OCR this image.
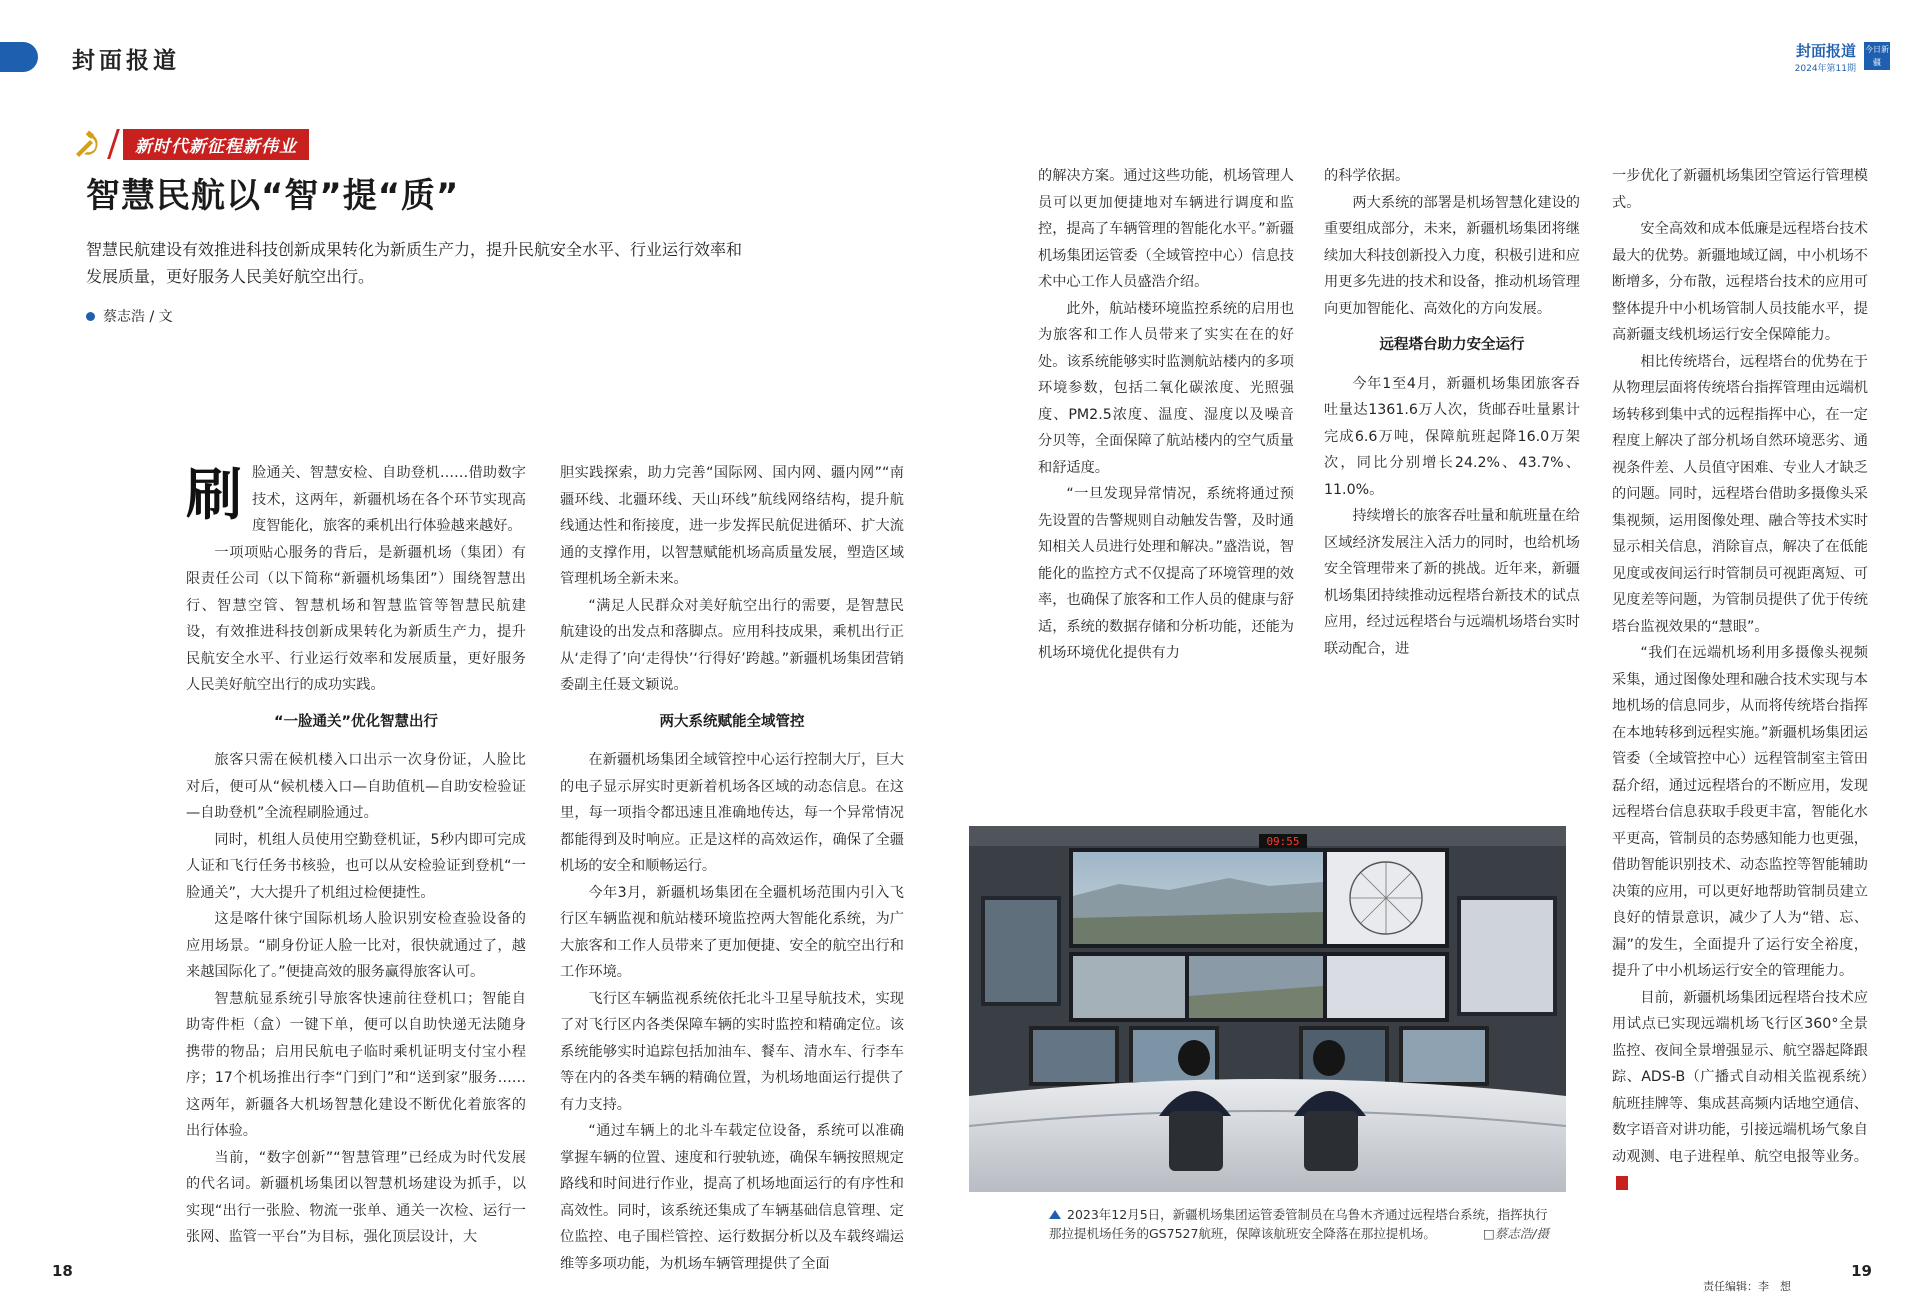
封面报道	封面报道
2024年第11期
今日新疆
新时代新征程新伟业
智慧民航以“智”提“质”
智慧民航建设有效推进科技创新成果转化为新质生产力，提升民航安全水平、行业运行效率和发展质量，更好服务人民美好航空出行。
蔡志浩 / 文

刷脸通关、智慧安检、自助登机……借助数字技术，这两年，新疆机场在各个环节实现高度智能化，旅客的乘机出行体验越来越好。

一项项贴心服务的背后，是新疆机场（集团）有限责任公司（以下简称“新疆机场集团”）围绕智慧出行、智慧空管、智慧机场和智慧监管等智慧民航建设，有效推进科技创新成果转化为新质生产力，提升民航安全水平、行业运行效率和发展质量，更好服务人民美好航空出行的成功实践。

“一脸通关”优化智慧出行

旅客只需在候机楼入口出示一次身份证，人脸比对后，便可从“候机楼入口—自助值机—自助安检验证—自助登机”全流程刷脸通过。

同时，机组人员使用空勤登机证，5秒内即可完成人证和飞行任务书核验，也可以从安检验证到登机“一脸通关”，大大提升了机组过检便捷性。

这是喀什徕宁国际机场人脸识别安检查验设备的应用场景。“刷身份证人脸一比对，很快就通过了，越来越国际化了。”便捷高效的服务赢得旅客认可。

智慧航显系统引导旅客快速前往登机口；智能自助寄件柜（盒）一键下单，便可以自助快递无法随身携带的物品；启用民航电子临时乘机证明支付宝小程序；17个机场推出行李“门到门”和“送到家”服务……这两年，新疆各大机场智慧化建设不断优化着旅客的出行体验。

当前，“数字创新”“智慧管理”已经成为时代发展的代名词。新疆机场集团以智慧机场建设为抓手，以实现“出行一张脸、物流一张单、通关一次检、运行一张网、监管一平台”为目标，强化顶层设计，大

胆实践探索，助力完善“国际网、国内网、疆内网”“南疆环线、北疆环线、天山环线”航线网络结构，提升航线通达性和衔接度，进一步发挥民航促进循环、扩大流通的支撑作用，以智慧赋能机场高质量发展，塑造区域管理机场全新未来。

“满足人民群众对美好航空出行的需要，是智慧民航建设的出发点和落脚点。应用科技成果，乘机出行正从‘走得了’向‘走得快’‘行得好’跨越。”新疆机场集团营销委副主任聂文颖说。

两大系统赋能全域管控

在新疆机场集团全域管控中心运行控制大厅，巨大的电子显示屏实时更新着机场各区域的动态信息。在这里，每一项指令都迅速且准确地传达，每一个异常情况都能得到及时响应。正是这样的高效运作，确保了全疆机场的安全和顺畅运行。

今年3月，新疆机场集团在全疆机场范围内引入飞行区车辆监视和航站楼环境监控两大智能化系统，为广大旅客和工作人员带来了更加便捷、安全的航空出行和工作环境。

飞行区车辆监视系统依托北斗卫星导航技术，实现了对飞行区内各类保障车辆的实时监控和精确定位。该系统能够实时追踪包括加油车、餐车、清水车、行李车等在内的各类车辆的精确位置，为机场地面运行提供了有力支持。

“通过车辆上的北斗车载定位设备，系统可以准确掌握车辆的位置、速度和行驶轨迹，确保车辆按照规定路线和时间进行作业，提高了机场地面运行的有序性和高效性。同时，该系统还集成了车辆基础信息管理、定位监控、电子围栏管控、运行数据分析以及车载终端运维等多项功能，为机场车辆管理提供了全面

的解决方案。通过这些功能，机场管理人员可以更加便捷地对车辆进行调度和监控，提高了车辆管理的智能化水平。”新疆机场集团运管委（全域管控中心）信息技术中心工作人员盛浩介绍。

此外，航站楼环境监控系统的启用也为旅客和工作人员带来了实实在在的好处。该系统能够实时监测航站楼内的多项环境参数，包括二氧化碳浓度、光照强度、PM2.5浓度、温度、湿度以及噪音分贝等，全面保障了航站楼内的空气质量和舒适度。

“一旦发现异常情况，系统将通过预先设置的告警规则自动触发告警，及时通知相关人员进行处理和解决。”盛浩说，智能化的监控方式不仅提高了环境管理的效率，也确保了旅客和工作人员的健康与舒适，系统的数据存储和分析功能，还能为机场环境优化提供有力

的科学依据。

两大系统的部署是机场智慧化建设的重要组成部分，未来，新疆机场集团将继续加大科技创新投入力度，积极引进和应用更多先进的技术和设备，推动机场管理向更加智能化、高效化的方向发展。

远程塔台助力安全运行

今年1至4月，新疆机场集团旅客吞吐量达1361.6万人次，货邮吞吐量累计完成6.6万吨，保障航班起降16.0万架次，同比分别增长24.2%、43.7%、11.0%。

持续增长的旅客吞吐量和航班量在给区域经济发展注入活力的同时，也给机场安全管理带来了新的挑战。近年来，新疆机场集团持续推动远程塔台新技术的试点应用，经过远程塔台与远端机场塔台实时联动配合，进

一步优化了新疆机场集团空管运行管理模式。

安全高效和成本低廉是远程塔台技术最大的优势。新疆地域辽阔，中小机场不断增多，分布散，远程塔台技术的应用可整体提升中小机场管制人员技能水平，提高新疆支线机场运行安全保障能力。

相比传统塔台，远程塔台的优势在于从物理层面将传统塔台指挥管理由远端机场转移到集中式的远程指挥中心，在一定程度上解决了部分机场自然环境恶劣、通视条件差、人员值守困难、专业人才缺乏的问题。同时，远程塔台借助多摄像头采集视频，运用图像处理、融合等技术实时显示相关信息，消除盲点，解决了在低能见度或夜间运行时管制员可视距离短、可见度差等问题，为管制员提供了优于传统塔台监视效果的“慧眼”。

“我们在远端机场利用多摄像头视频采集，通过图像处理和融合技术实现与本地机场的信息同步，从而将传统塔台指挥在本地转移到远程实施。”新疆机场集团运管委（全域管控中心）远程管制室主管田磊介绍，通过远程塔台的不断应用，发现远程塔台信息获取手段更丰富，智能化水平更高，管制员的态势感知能力也更强，借助智能识别技术、动态监控等智能辅助决策的应用，可以更好地帮助管制员建立良好的情景意识，减少了人为“错、忘、漏”的发生，全面提升了运行安全裕度，提升了中小机场运行安全的管理能力。

目前，新疆机场集团远程塔台技术应用试点已实现远端机场飞行区360°全景监控、夜间全景增强显示、航空器起降跟踪、ADS-B（广播式自动相关监视系统）航班挂牌等、集成甚高频内话地空通信、数字语音对讲功能，引接远端机场气象自动观测、电子进程单、航空电报等业务。J

09:55
2023年12月5日，新疆机场集团运管委管制员在乌鲁木齐通过远程塔台系统，指挥执行那拉提机场任务的GS7527航班，保障该航班安全降落在那拉提机场。	□蔡志浩/摄
18	19
责任编辑：李　想
